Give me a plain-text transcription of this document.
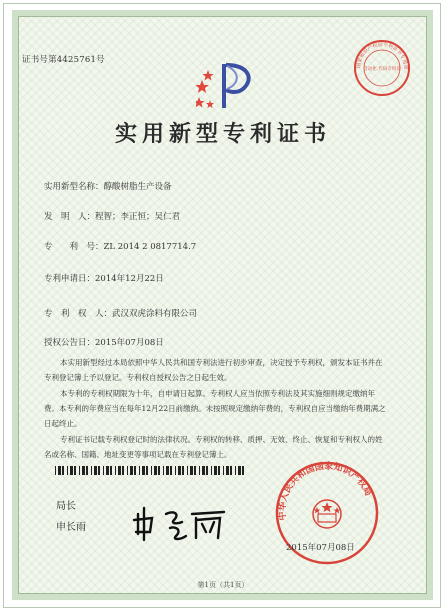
证书号第4425761号
国家知识产权局专利证书专用章
自动化 代码专用章
实用新型专利证书
实用新型名称：醇酸树脂生产设备
发　明　人：程智；李正恒；吴仁君
专　　利　号：ZL 2014 2 0817714.7
专利申请日：2014年12月22日
专　利　权　人：武汉双虎涂料有限公司
授权公告日：2015年07月08日
本实用新型经过本局依照中华人民共和国专利法进行初步审查，决定授予专利权，颁发本证书并在专利登记簿上予以登记。专利权自授权公告之日起生效。
本专利的专利权期限为十年，自申请日起算。专利权人应当依照专利法及其实施细则规定缴纳年费。本专利的年费应当在每年12月22日前缴纳。未按照规定缴纳年费的，专利权自应当缴纳年费期满之日起终止。
专利证书记载专利权登记时的法律状况。专利权的转移、质押、无效、终止、恢复和专利权人的姓名或名称、国籍、地址变更等事项记载在专利登记簿上。
局长
申长雨
中华人民共和国国家知识产权局
2015年07月08日
第1页（共1页）
